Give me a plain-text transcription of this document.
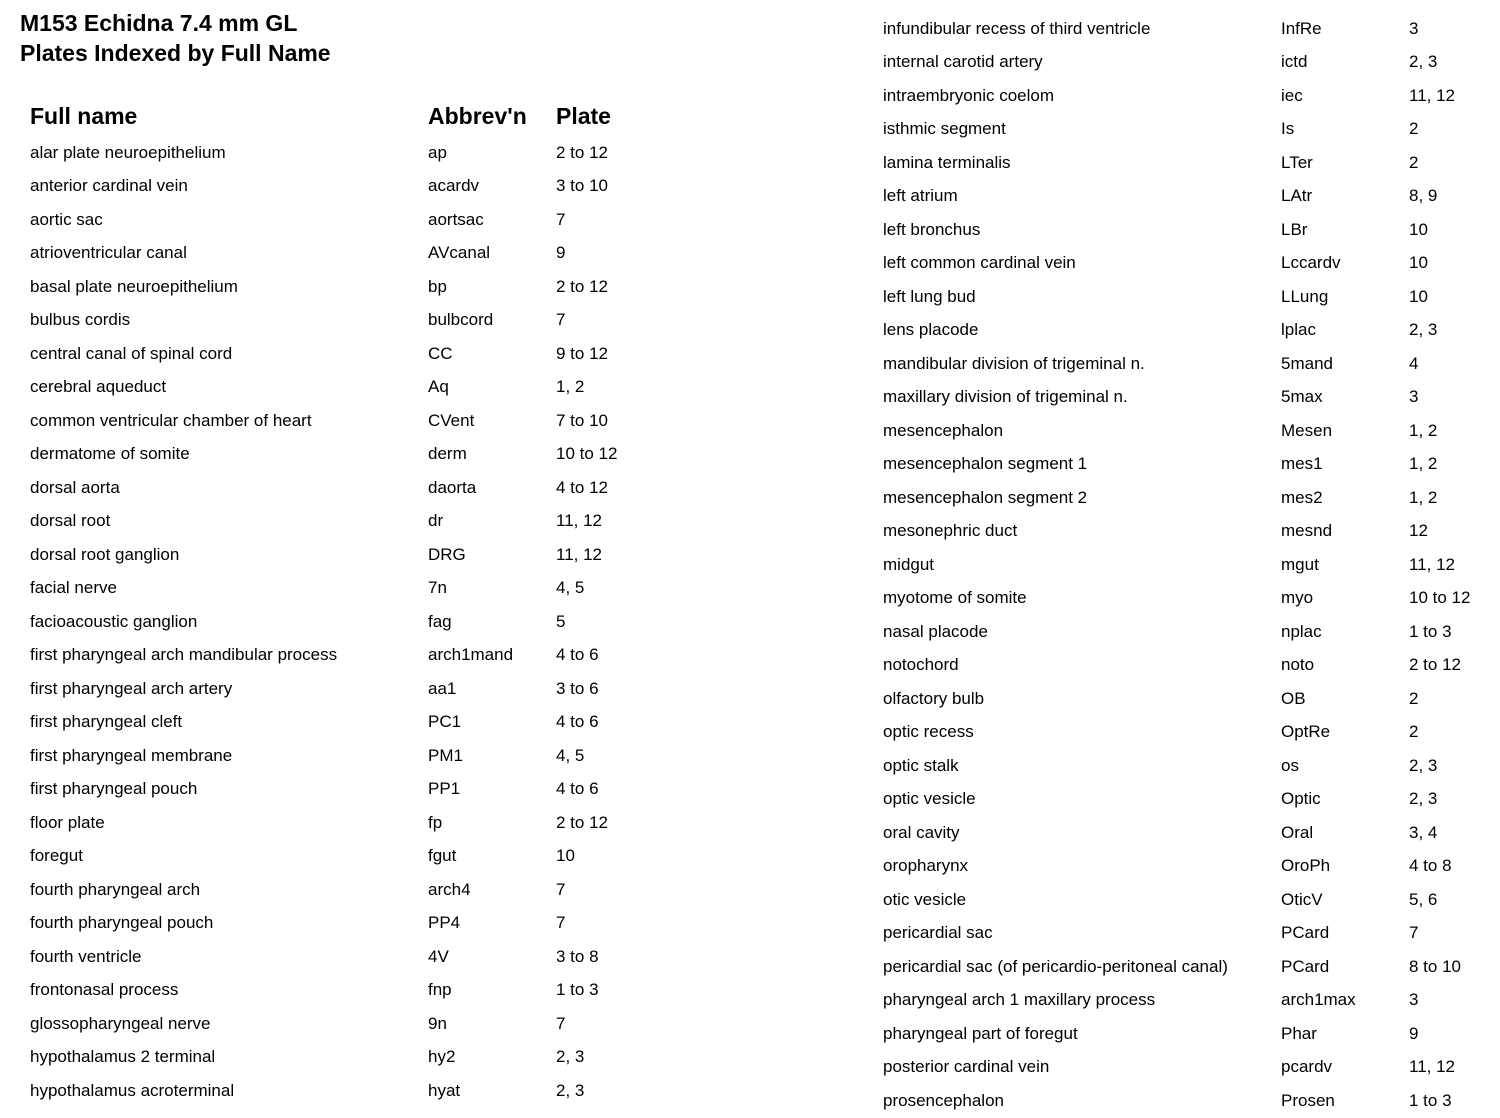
M153 Echidna 7.4 mm GL
Plates Indexed by Full Name
Full name	Abbrev'n	Plate
alar plate neuroepithelium	ap	2 to 12
anterior cardinal vein	acardv	3 to 10
aortic sac	aortsac	7
atrioventricular canal	AVcanal	9
basal plate neuroepithelium	bp	2 to 12
bulbus cordis	bulbcord	7
central canal of spinal cord	CC	9 to 12
cerebral aqueduct	Aq	1, 2
common ventricular chamber of heart	CVent	7 to 10
dermatome of somite	derm	10 to 12
dorsal aorta	daorta	4 to 12
dorsal root	dr	11, 12
dorsal root ganglion	DRG	11, 12
facial nerve	7n	4, 5
facioacoustic ganglion	fag	5
first pharyngeal arch mandibular process	arch1mand	4 to 6
first pharyngeal arch artery	aa1	3 to 6
first pharyngeal cleft	PC1	4 to 6
first pharyngeal membrane	PM1	4, 5
first pharyngeal pouch	PP1	4 to 6
floor plate	fp	2 to 12
foregut	fgut	10
fourth pharyngeal arch	arch4	7
fourth pharyngeal pouch	PP4	7
fourth ventricle	4V	3 to 8
frontonasal process	fnp	1 to 3
glossopharyngeal nerve	9n	7
hypothalamus 2 terminal	hy2	2, 3
hypothalamus acroterminal	hyat	2, 3
infundibular recess of third ventricle	InfRe	3
internal carotid artery	ictd	2, 3
intraembryonic coelom	iec	11, 12
isthmic segment	Is	2
lamina terminalis	LTer	2
left atrium	LAtr	8, 9
left bronchus	LBr	10
left common cardinal vein	Lccardv	10
left lung bud	LLung	10
lens placode	lplac	2, 3
mandibular division of trigeminal n.	5mand	4
maxillary division of trigeminal n.	5max	3
mesencephalon	Mesen	1, 2
mesencephalon segment 1	mes1	1, 2
mesencephalon segment 2	mes2	1, 2
mesonephric duct	mesnd	12
midgut	mgut	11, 12
myotome of somite	myo	10 to 12
nasal placode	nplac	1 to 3
notochord	noto	2 to 12
olfactory bulb	OB	2
optic recess	OptRe	2
optic stalk	os	2, 3
optic vesicle	Optic	2, 3
oral cavity	Oral	3, 4
oropharynx	OroPh	4 to 8
otic vesicle	OticV	5, 6
pericardial sac	PCard	7
pericardial sac (of pericardio-peritoneal canal)	PCard	8 to 10
pharyngeal arch 1 maxillary process	arch1max	3
pharyngeal part of foregut	Phar	9
posterior cardinal vein	pcardv	11, 12
prosencephalon	Prosen	1 to 3
